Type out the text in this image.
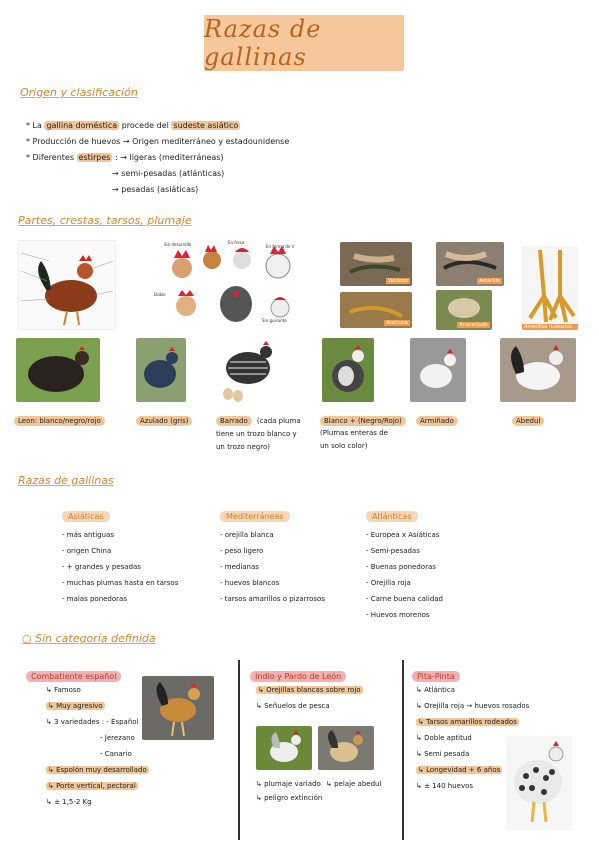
Razas de gallinas
Origen y clasificación
* La gallina doméstica procede del sudeste asiático
* Producción de huevos → Origen mediterráneo y estadounidense
* Diferentes estirpes : → ligeras (mediterráneas)
→ semi-pesadas (atlánticas)
→ pesadas (asiáticas)
Partes, crestas, tarsos, plumaje
Sin desarrollo	En fresa
En forma de V
Doble
Sin guisante
Verdoso	Amarillo
Aceituna	Anaranjado	Amarillos rodeados
Leon: blanco/negro/rojo	Azulado (gris)	Barrado (cada pluma
tiene un trozo blanco y
un trozo negro)
Blanco + (Negro/Rojo)
(Plumas enteras de
un solo color)
Armiñado	Abedul
Razas de gallinas
Asiáticas
- más antiguas
- origen China
- + grandes y pesadas
- muchas plumas hasta en tarsos
- malas ponedoras
Mediterráneas
- orejilla blanca
- peso ligero
- medianas
- huevos blancos
- tarsos amarillos o pizarrosos
Atlánticas
- Europea x Asiáticas
- Semi-pesadas
- Buenas ponedoras
- Orejilla roja
- Carne buena calidad
- Huevos morenos
○ Sin categoría definida
Combatiente español
↳ Famoso
↳ Muy agresivo
↳ 3 variedades : - Español
- Jerezano
- Canario
↳ Espolón muy desarrollado
↳ Porte vertical, pectoral
↳ ± 1,5-2 Kg
Indio y Pardo de León
↳ Orejillas blancas sobre rojo
↳ Señuelos de pesca
↳ plumaje variado
↳ peligro extinción
↳ pelaje abedul
Pita-Pinta
↳ Atlántica
↳ Orejilla roja → huevos rosados
↳ Tarsos amarillos rodeados
↳ Doble aptitud
↳ Semi pesada
↳ Longevidad + 6 años
↳ ± 140 huevos
